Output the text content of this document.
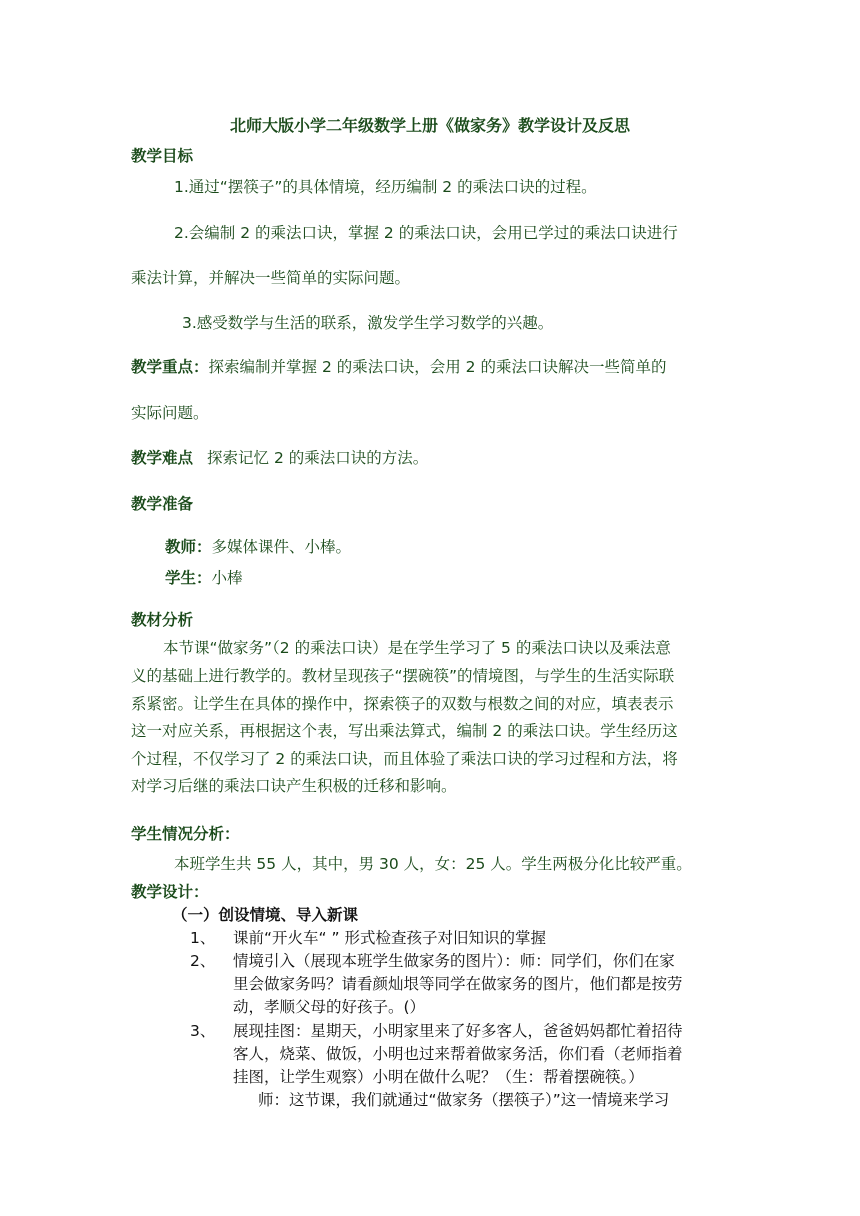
北师大版小学二年级数学上册《做家务》教学设计及反思
教学目标
1.通过“摆筷子”的具体情境，经历编制 2 的乘法口诀的过程。
2.会编制 2 的乘法口诀，掌握 2 的乘法口诀，会用已学过的乘法口诀进行
乘法计算，并解决一些简单的实际问题。
3.感受数学与生活的联系，激发学生学习数学的兴趣。
教学重点：探索编制并掌握 2 的乘法口诀，会用 2 的乘法口诀解决一些简单的
实际问题。
教学难点 探索记忆 2 的乘法口诀的方法。
教学准备
教师：多媒体课件、小棒。
学生：小棒
教材分析
本节课“做家务”（2 的乘法口诀）是在学生学习了 5 的乘法口诀以及乘法意
义的基础上进行教学的。教材呈现孩子“摆碗筷”的情境图，与学生的生活实际联
系紧密。让学生在具体的操作中，探索筷子的双数与根数之间的对应，填表表示
这一对应关系，再根据这个表，写出乘法算式，编制 2 的乘法口诀。学生经历这
个过程，不仅学习了 2 的乘法口诀，而且体验了乘法口诀的学习过程和方法，将
对学习后继的乘法口诀产生积极的迁移和影响。
学生情况分析：
本班学生共 55 人，其中，男 30 人，女：25 人。学生两极分化比较严重。
教学设计：
（一）创设情境、导入新课
1、 课前“开火车“ ” 形式检查孩子对旧知识的掌握
2、 情境引入（展现本班学生做家务的图片）：师：同学们，你们在家
里会做家务吗？请看颜灿垠等同学在做家务的图片，他们都是按劳
动，孝顺父母的好孩子。(）
3、 展现挂图：星期天，小明家里来了好多客人，爸爸妈妈都忙着招待
客人，烧菜、做饭，小明也过来帮着做家务活，你们看（老师指着
挂图，让学生观察）小明在做什么呢？（生：帮着摆碗筷。）
师：这节课，我们就通过“做家务（摆筷子）”这一情境来学习
